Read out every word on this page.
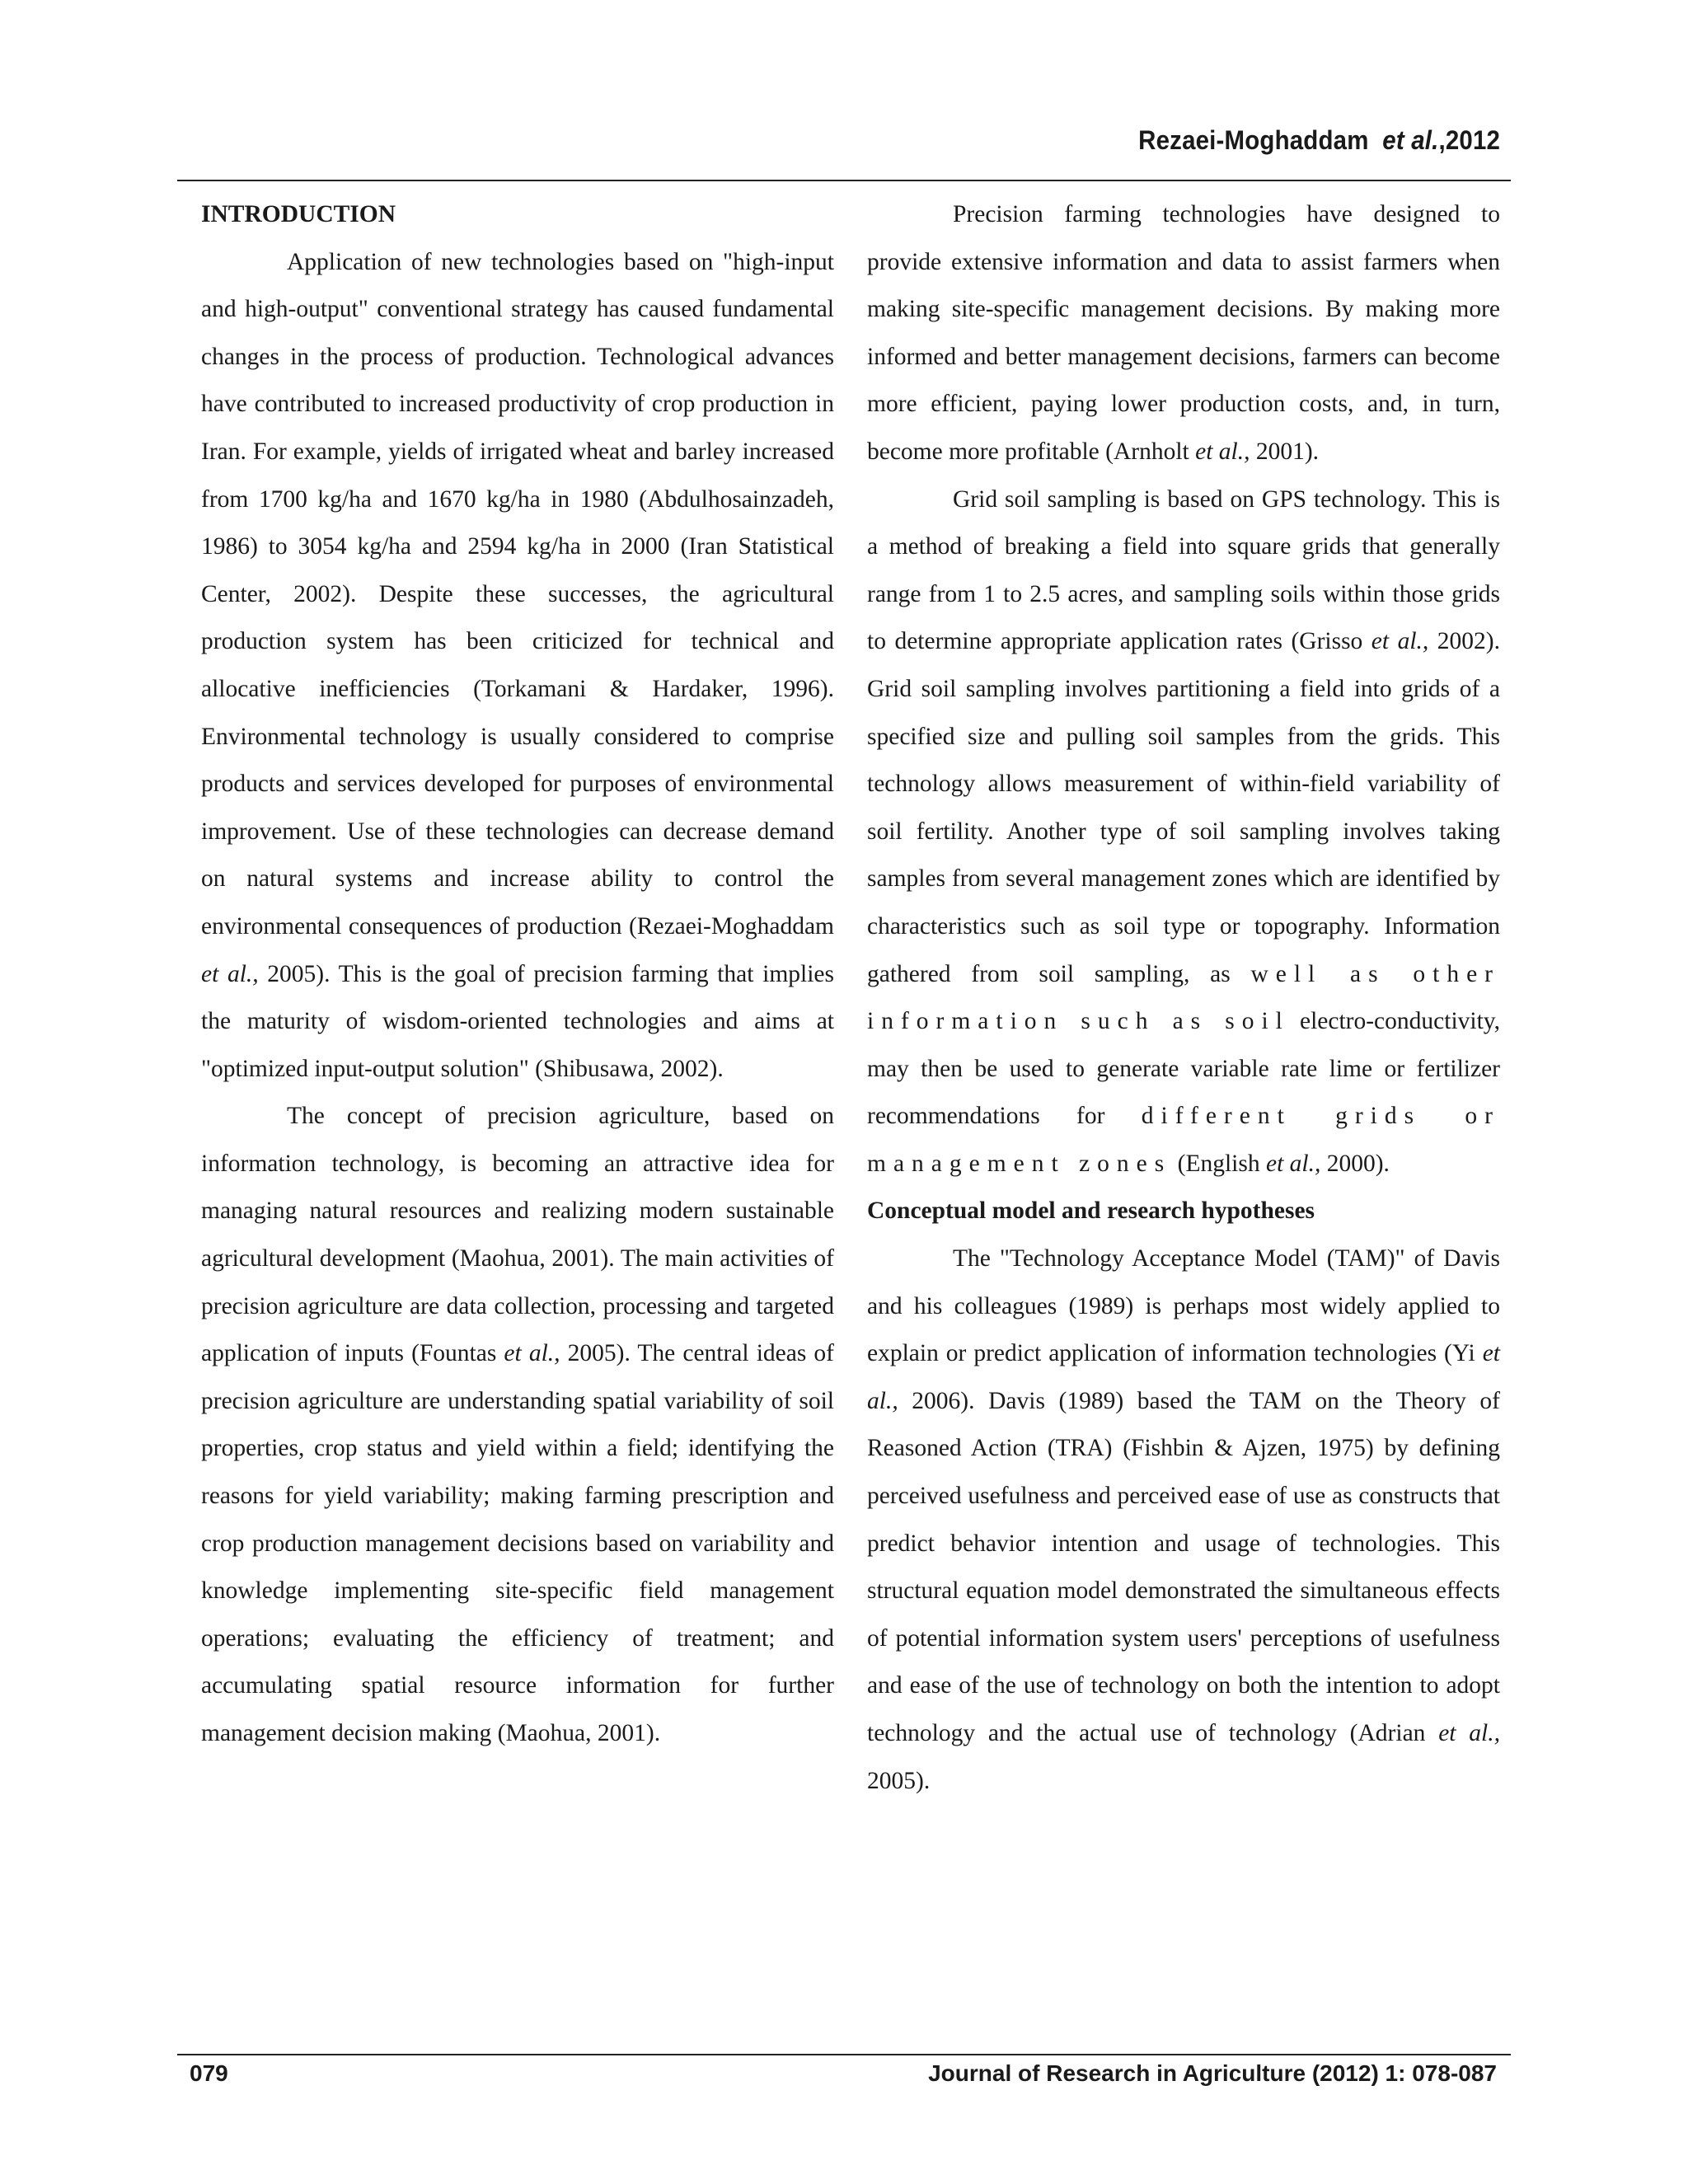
Rezaei-Moghaddam et al.,2012

INTRODUCTION

Application of new technologies based on "high-input and high-output" conventional strategy has caused fundamental changes in the process of production. Technological advances have contributed to increased productivity of crop production in Iran. For example, yields of irrigated wheat and barley increased from 1700 kg/ha and 1670 kg/ha in 1980 (Abdulhosainzadeh, 1986) to 3054 kg/ha and 2594 kg/ha in 2000 (Iran Statistical Center, 2002). Despite these successes, the agricultural production system has been criticized for technical and allocative inefficiencies (Torkamani & Hardaker, 1996). Environmental technology is usually considered to comprise products and services developed for purposes of environmental improvement. Use of these technologies can decrease demand on natural systems and increase ability to control the environmental consequences of production (Rezaei-Moghaddam et al., 2005). This is the goal of precision farming that implies the maturity of wisdom-oriented technologies and aims at "optimized input-output solution" (Shibusawa, 2002).

The concept of precision agriculture, based on information technology, is becoming an attractive idea for managing natural resources and realizing modern sustainable agricultural development (Maohua, 2001). The main activities of precision agriculture are data collection, processing and targeted application of inputs (Fountas et al., 2005). The central ideas of precision agriculture are understanding spatial variability of soil properties, crop status and yield within a field; identifying the reasons for yield variability; making farming prescription and crop production management decisions based on variability and knowledge implementing site-specific field management operations; evaluating the efficiency of treatment; and accumulating spatial resource information for further management decision making (Maohua, 2001).

Precision farming technologies have designed to provide extensive information and data to assist farmers when making site-specific management decisions. By making more informed and better management decisions, farmers can become more efficient, paying lower production costs, and, in turn, become more profitable (Arnholt et al., 2001).

Grid soil sampling is based on GPS technology. This is a method of breaking a field into square grids that generally range from 1 to 2.5 acres, and sampling soils within those grids to determine appropriate application rates (Grisso et al., 2002). Grid soil sampling involves partitioning a field into grids of a specified size and pulling soil samples from the grids. This technology allows measurement of within-field variability of soil fertility. Another type of soil sampling involves taking samples from several management zones which are identified by characteristics such as soil type or topography. Information gathered from soil sampling, as well as other information such as soil electro-conductivity, may then be used to generate variable rate lime or fertilizer recommendations for different grids or management zones (English et al., 2000).

Conceptual model and research hypotheses

The "Technology Acceptance Model (TAM)" of Davis and his colleagues (1989) is perhaps most widely applied to explain or predict application of information technologies (Yi et al., 2006). Davis (1989) based the TAM on the Theory of Reasoned Action (TRA) (Fishbin & Ajzen, 1975) by defining perceived usefulness and perceived ease of use as constructs that predict behavior intention and usage of technologies. This structural equation model demonstrated the simultaneous effects of potential information system users' perceptions of usefulness and ease of the use of technology on both the intention to adopt technology and the actual use of technology (Adrian et al., 2005).

079	Journal of Research in Agriculture (2012) 1: 078-087
